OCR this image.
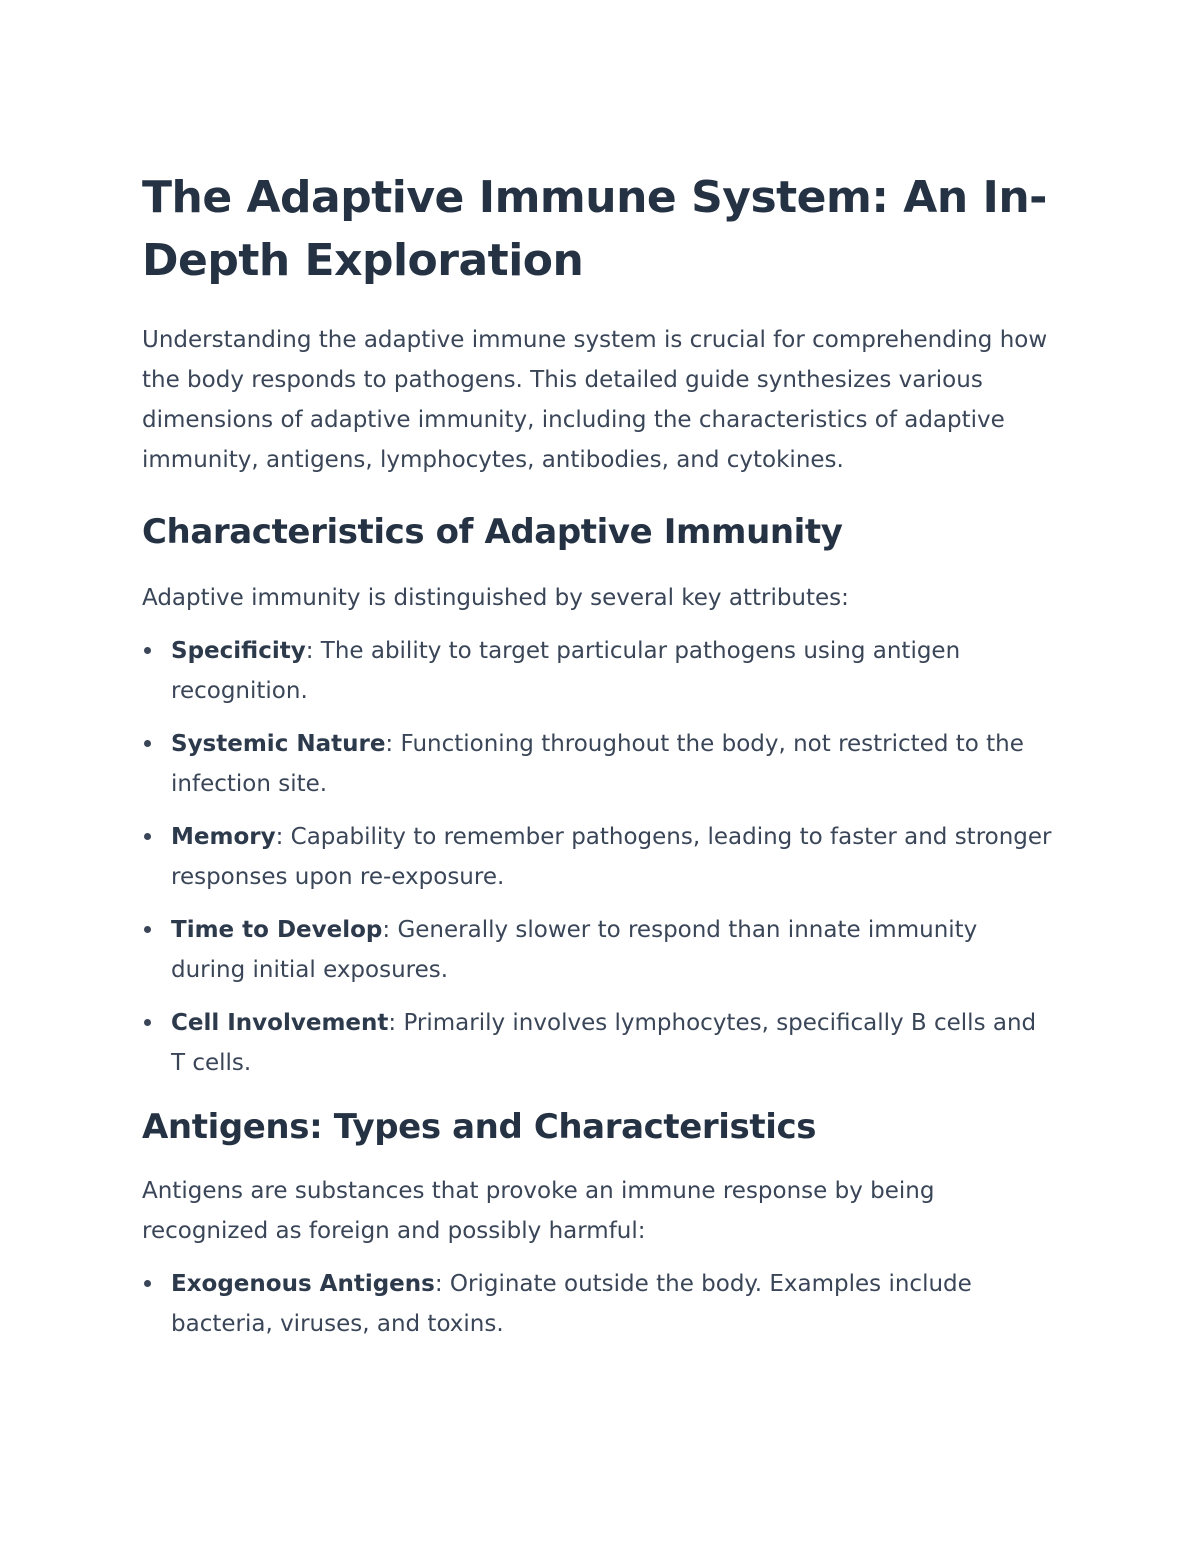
The Adaptive Immune System: An In-Depth Exploration

Understanding the adaptive immune system is crucial for comprehending how the body responds to pathogens. This detailed guide synthesizes various dimensions of adaptive immunity, including the characteristics of adaptive immunity, antigens, lymphocytes, antibodies, and cytokines.

Characteristics of Adaptive Immunity

Adaptive immunity is distinguished by several key attributes:

Specificity: The ability to target particular pathogens using antigen recognition.
Systemic Nature: Functioning throughout the body, not restricted to the infection site.
Memory: Capability to remember pathogens, leading to faster and stronger responses upon re-exposure.
Time to Develop: Generally slower to respond than innate immunity during initial exposures.
Cell Involvement: Primarily involves lymphocytes, specifically B cells and T cells.
Antigens: Types and Characteristics

Antigens are substances that provoke an immune response by being recognized as foreign and possibly harmful:

Exogenous Antigens: Originate outside the body. Examples include bacteria, viruses, and toxins.
